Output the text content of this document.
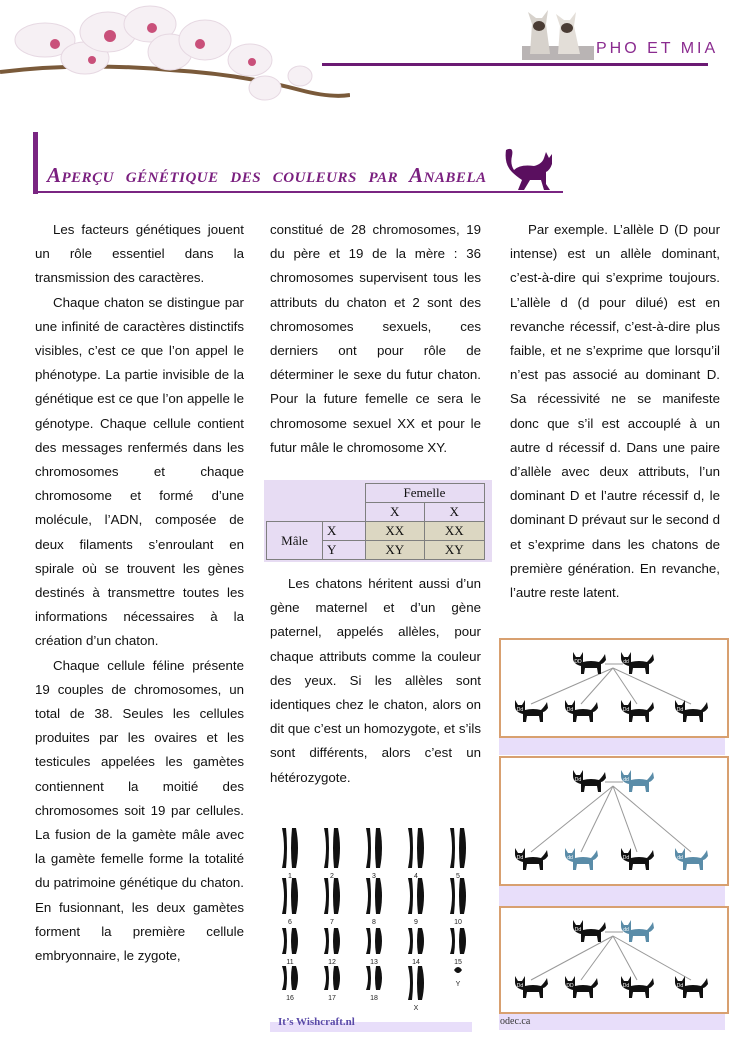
PHO ET MIA
Aperçu génétique des couleurs par Anabela

Les facteurs génétiques jouent un rôle essentiel dans la transmission des caractères.

Chaque chaton se distingue par une infinité de caractères distinctifs visibles, c’est ce que l’on appel le phénotype. La partie invisible de la génétique est ce que l’on appelle le génotype. Chaque cellule contient des messages renfermés dans les chromosomes et chaque chromosome et formé d’une molécule, l’ADN, composée de deux filaments s’enroulant en spirale où se trouvent les gènes destinés à transmettre toutes les informations nécessaires à la création d’un chaton.

Chaque cellule féline présente 19 couples de chromosomes, un total de 38. Seules les cellules produites par les ovaires et les testicules appelées les gamètes contiennent la moitié des chromosomes soit 19 par cellules. La fusion de la gamète mâle avec la gamète femelle forme la totalité du patrimoine génétique du chaton. En fusionnant, les deux gamètes forment la première cellule embryonnaire, le zygote,

constitué de 28 chromosomes, 19 du père et 19 de la mère : 36 chromosomes supervisent tous les attributs du chaton et 2 sont des chromosomes sexuels, ces derniers ont pour rôle de déterminer le sexe du futur chaton. Pour la future femelle ce sera le chromosome sexuel XX et pour le futur mâle le chromosome XY.

		Femelle	
		X	X
Mâle	X	XX	XX
	Y	XY	XY

Les chatons héritent aussi d’un gène maternel et d’un gène paternel, appelés allèles, pour chaque attributs comme la couleur des yeux. Si les allèles sont identiques chez le chaton, alors on dit que c’est un homozygote, et s’ils sont différents, alors c’est un hétérozygote.

1	2	3	4	5
6	7	8	9	10
11	12	13	14	15
16	17	18
X
Y
It’s Wishcraft.nl

Par exemple. L’allèle D (D pour intense) est un allèle dominant, c’est-à-dire qui s’exprime toujours. L’allèle d (d pour dilué) est en revanche récessif, c’est-à-dire plus faible, et ne s’exprime que lorsqu’il n’est pas associé au dominant D. Sa récessivité ne se manifeste donc que s’il est accouplé à un autre d récessif d. Dans une paire d’allèle avec deux attributs, l’un dominant D et l’autre récessif d, le dominant D prévaut sur le second d et s’exprime dans les chatons de première génération. En revanche, l’autre reste latent.

DD	dd
Dd	Dd	Dd	Dd
Dd	dd
Dd	dd	Dd	dd
Dd	dd
Dd	DD	Dd	Dd
odec.ca
